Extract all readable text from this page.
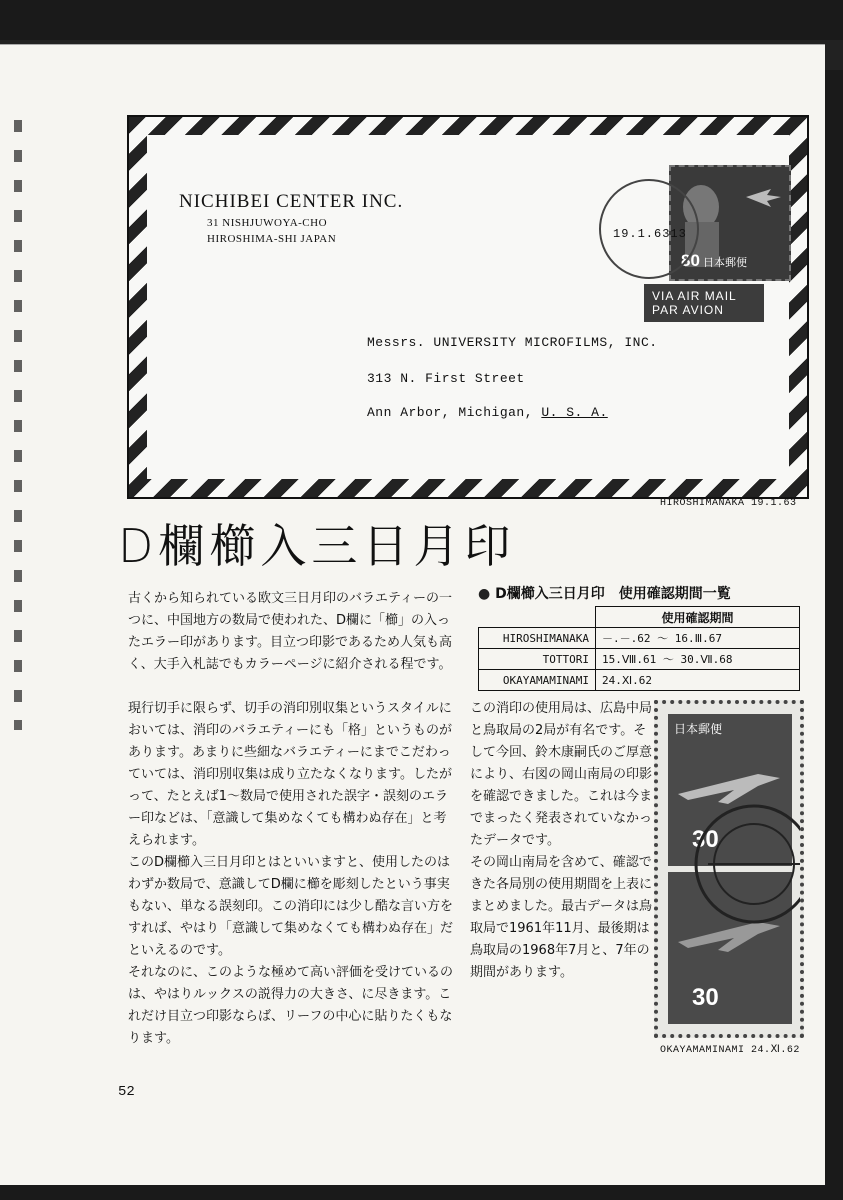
NICHIBEI CENTER INC.
31 NISHJUWOYA-CHO
HIROSHIMA-SHI JAPAN
80 日本郵便
19.1.6313
VIA AIR MAIL
PAR AVION
Messrs. UNIVERSITY MICROFILMS, INC.
313 N. First Street
Ann Arbor, Michigan, U. S. A.
HIROSHIMANAKA 19.1.63
D欄櫛入三日月印

古くから知られている欧文三日月印のバラエティーの一つに、中国地方の数局で使われた、D欄に「櫛」の入ったエラー印があります。目立つ印影であるため人気も高く、大手入札誌でもカラーページに紹介される程です。

現行切手に限らず、切手の消印別収集というスタイルにおいては、消印のバラエティーにも「格」というものがあります。あまりに些細なバラエティーにまでこだわっていては、消印別収集は成り立たなくなります。したがって、たとえば1～数局で使用された誤字・誤刻のエラー印などは、「意識して集めなくても構わぬ存在」と考えられます。

このD欄櫛入三日月印とはといいますと、使用したのはわずか数局で、意識してD欄に櫛を彫刻したという事実もない、単なる誤刻印。この消印には少し酷な言い方をすれば、やはり「意識して集めなくても構わぬ存在」だといえるのです。

それなのに、このような極めて高い評価を受けているのは、やはりルックスの説得力の大きさ、に尽きます。これだけ目立つ印影ならば、リーフの中心に貼りたくもなります。

● D欄櫛入三日月印　使用確認期間一覧
	使用確認期間
HIROSHIMANAKA	－.－.62 ～ 16.Ⅲ.67
TOTTORI	15.Ⅷ.61 ～ 30.Ⅶ.68
OKAYAMAMINAMI	24.Ⅺ.62

この消印の使用局は、広島中局と鳥取局の2局が有名です。そして今回、鈴木康嗣氏のご厚意により、右図の岡山南局の印影を確認できました。これは今までまったく発表されていなかったデータです。

その岡山南局を含めて、確認できた各局別の使用期間を上表にまとめました。最古データは鳥取局で1961年11月、最後期は鳥取局の1968年7月と、7年の期間があります。

日本郵便
30
30
OKAYAMAMINAMI 24.Ⅺ.62
52
